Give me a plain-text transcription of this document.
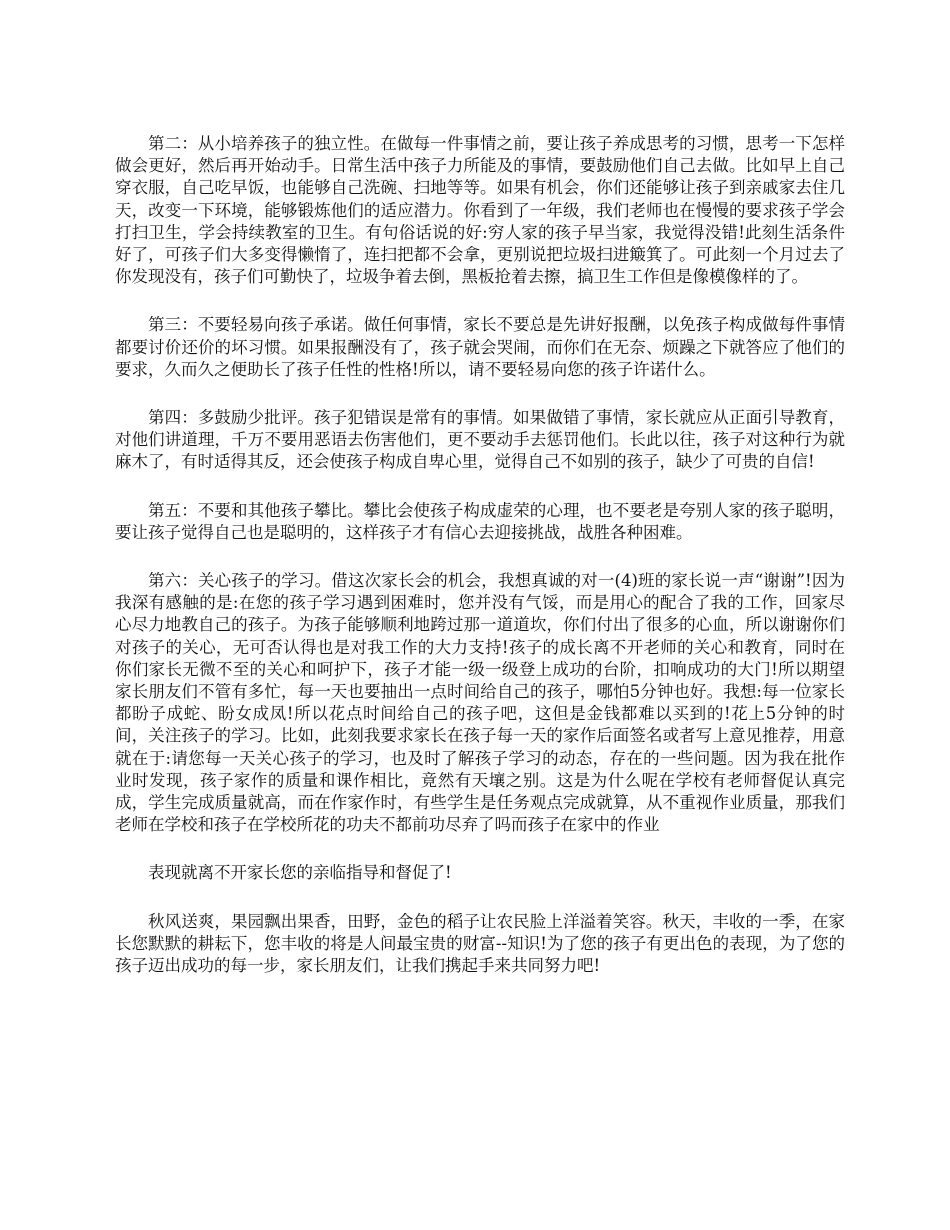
第二：从小培养孩子的独立性。在做每一件事情之前，要让孩子养成思考的习惯，思考一下怎样做会更好，然后再开始动手。日常生活中孩子力所能及的事情，要鼓励他们自己去做。比如早上自己穿衣服，自己吃早饭，也能够自己洗碗、扫地等等。如果有机会，你们还能够让孩子到亲戚家去住几天，改变一下环境，能够锻炼他们的适应潜力。你看到了一年级，我们老师也在慢慢的要求孩子学会打扫卫生，学会持续教室的卫生。有句俗话说的好:穷人家的孩子早当家，我觉得没错!此刻生活条件好了，可孩子们大多变得懒惰了，连扫把都不会拿，更别说把垃圾扫进簸箕了。可此刻一个月过去了你发现没有，孩子们可勤快了，垃圾争着去倒，黑板抢着去擦，搞卫生工作但是像模像样的了。

第三：不要轻易向孩子承诺。做任何事情，家长不要总是先讲好报酬，以免孩子构成做每件事情都要讨价还价的坏习惯。如果报酬没有了，孩子就会哭闹，而你们在无奈、烦躁之下就答应了他们的要求，久而久之便助长了孩子任性的性格!所以，请不要轻易向您的孩子许诺什么。

第四：多鼓励少批评。孩子犯错误是常有的事情。如果做错了事情，家长就应从正面引导教育，对他们讲道理，千万不要用恶语去伤害他们，更不要动手去惩罚他们。长此以往，孩子对这种行为就麻木了，有时适得其反，还会使孩子构成自卑心里，觉得自己不如别的孩子，缺少了可贵的自信!

第五：不要和其他孩子攀比。攀比会使孩子构成虚荣的心理，也不要老是夸别人家的孩子聪明，要让孩子觉得自己也是聪明的，这样孩子才有信心去迎接挑战，战胜各种困难。

第六：关心孩子的学习。借这次家长会的机会，我想真诚的对一(4)班的家长说一声“谢谢”!因为我深有感触的是:在您的孩子学习遇到困难时，您并没有气馁，而是用心的配合了我的工作，回家尽心尽力地教自己的孩子。为孩子能够顺利地跨过那一道道坎，你们付出了很多的心血，所以谢谢你们对孩子的关心，无可否认得也是对我工作的大力支持!孩子的成长离不开老师的关心和教育，同时在你们家长无微不至的关心和呵护下，孩子才能一级一级登上成功的台阶，扣响成功的大门!所以期望家长朋友们不管有多忙，每一天也要抽出一点时间给自己的孩子，哪怕5分钟也好。我想:每一位家长都盼子成蛇、盼女成凤!所以花点时间给自己的孩子吧，这但是金钱都难以买到的!花上5分钟的时间，关注孩子的学习。比如，此刻我要求家长在孩子每一天的家作后面签名或者写上意见推荐，用意就在于:请您每一天关心孩子的学习，也及时了解孩子学习的动态，存在的一些问题。因为我在批作业时发现，孩子家作的质量和课作相比，竟然有天壤之别。这是为什么呢在学校有老师督促认真完成，学生完成质量就高，而在作家作时，有些学生是任务观点完成就算，从不重视作业质量，那我们老师在学校和孩子在学校所花的功夫不都前功尽弃了吗而孩子在家中的作业

表现就离不开家长您的亲临指导和督促了!

秋风送爽，果园飘出果香，田野，金色的稻子让农民脸上洋溢着笑容。秋天，丰收的一季，在家长您默默的耕耘下，您丰收的将是人间最宝贵的财富--知识!为了您的孩子有更出色的表现，为了您的孩子迈出成功的每一步，家长朋友们，让我们携起手来共同努力吧!
